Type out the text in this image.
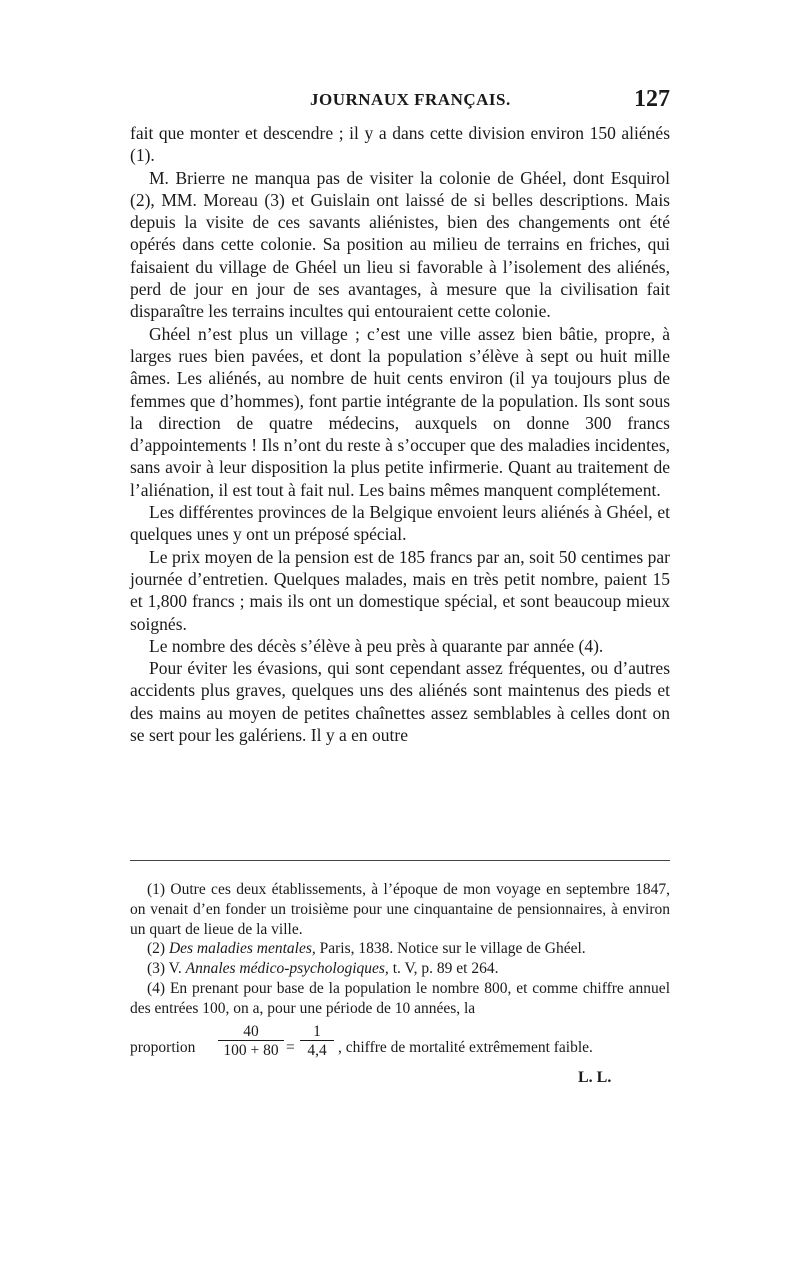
JOURNAUX FRANÇAIS.	127

fait que monter et descendre ; il y a dans cette division environ 150 aliénés (1).

M. Brierre ne manqua pas de visiter la colonie de Ghéel, dont Esquirol (2), MM. Moreau (3) et Guislain ont laissé de si belles descriptions. Mais depuis la visite de ces savants aliénistes, bien des changements ont été opérés dans cette colonie. Sa position au milieu de terrains en friches, qui faisaient du village de Ghéel un lieu si favorable à l’isolement des aliénés, perd de jour en jour de ses avantages, à mesure que la civilisation fait disparaître les terrains incultes qui entouraient cette colonie.

Ghéel n’est plus un village ; c’est une ville assez bien bâtie, propre, à larges rues bien pavées, et dont la population s’élève à sept ou huit mille âmes. Les aliénés, au nombre de huit cents environ (il ya toujours plus de femmes que d’hommes), font partie intégrante de la population. Ils sont sous la direction de quatre médecins, auxquels on donne 300 francs d’appointements ! Ils n’ont du reste à s’occuper que des maladies incidentes, sans avoir à leur disposition la plus petite infirmerie. Quant au traitement de l’aliénation, il est tout à fait nul. Les bains mêmes manquent complétement.

Les différentes provinces de la Belgique envoient leurs aliénés à Ghéel, et quelques unes y ont un préposé spécial.

Le prix moyen de la pension est de 185 francs par an, soit 50 centimes par journée d’entretien. Quelques malades, mais en très petit nombre, paient 15 et 1,800 francs ; mais ils ont un domestique spécial, et sont beaucoup mieux soignés.

Le nombre des décès s’élève à peu près à quarante par année (4).

Pour éviter les évasions, qui sont cependant assez fréquentes, ou d’autres accidents plus graves, quelques uns des aliénés sont maintenus des pieds et des mains au moyen de petites chaînettes assez semblables à celles dont on se sert pour les galériens. Il y a en outre

(1) Outre ces deux établissements, à l’époque de mon voyage en septembre 1847, on venait d’en fonder un troisième pour une cinquantaine de pensionnaires, à environ un quart de lieue de la ville.

(2) Des maladies mentales, Paris, 1838. Notice sur le village de Ghéel.

(3) V. Annales médico-psychologiques, t. V, p. 89 et 264.

(4) En prenant pour base de la population le nombre 800, et comme chiffre annuel des entrées 100, on a, pour une période de 10 années, la

proportion $\frac{40}{100 + 80} = \frac{1}{4,4}$ , chiffre de mortalité extrêmement faible.
L. L.
